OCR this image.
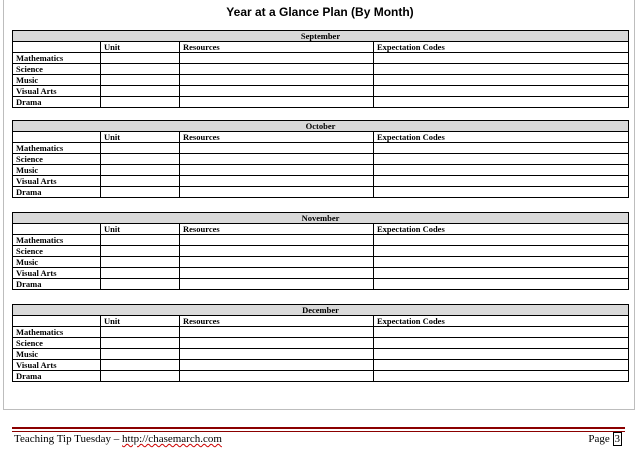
Year at a Glance Plan (By Month)
September			
	Unit	Resources	Expectation Codes
Mathematics			
Science			
Music			
Visual Arts			
Drama			
October			
	Unit	Resources	Expectation Codes
Mathematics			
Science			
Music			
Visual Arts			
Drama			
November			
	Unit	Resources	Expectation Codes
Mathematics			
Science			
Music			
Visual Arts			
Drama			
December			
	Unit	Resources	Expectation Codes
Mathematics			
Science			
Music			
Visual Arts			
Drama			
Teaching Tip Tuesday – http://chasemarch.com	Page 3
